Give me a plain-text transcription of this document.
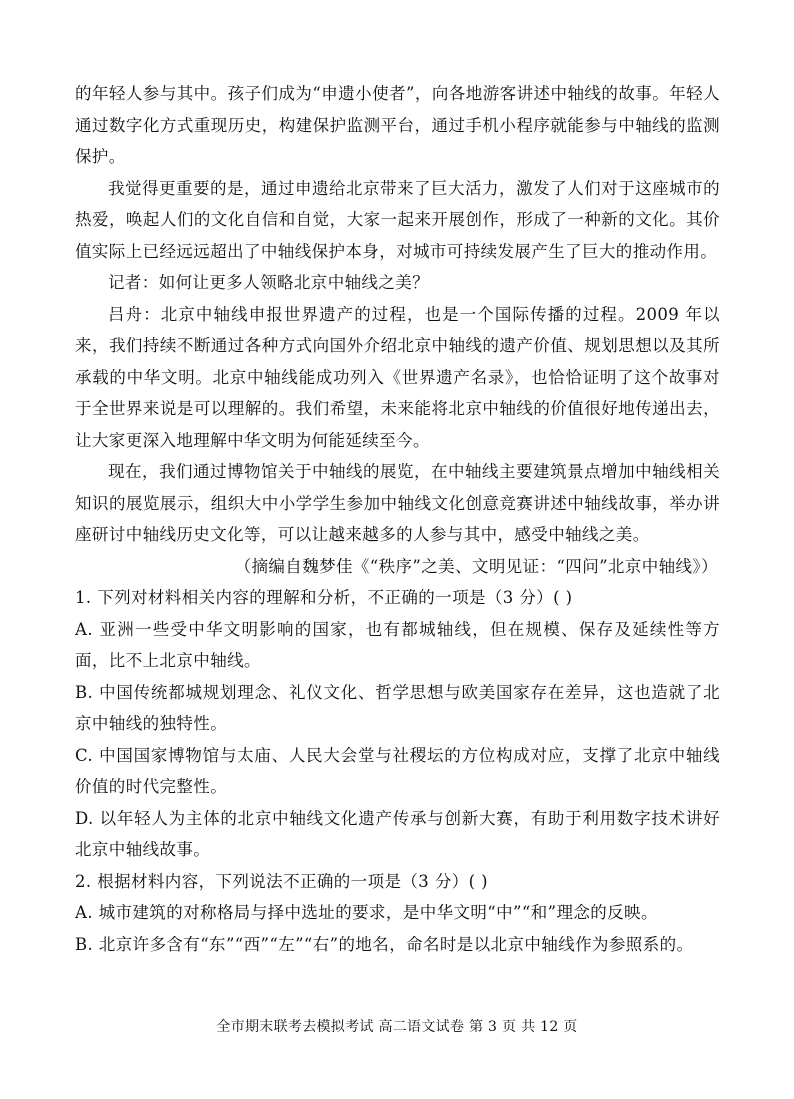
的年轻人参与其中。孩子们成为“申遗小使者”，向各地游客讲述中轴线的故事。年轻人通过数字化方式重现历史，构建保护监测平台，通过手机小程序就能参与中轴线的监测保护。

我觉得更重要的是，通过申遗给北京带来了巨大活力，激发了人们对于这座城市的热爱，唤起人们的文化自信和自觉，大家一起来开展创作，形成了一种新的文化。其价值实际上已经远远超出了中轴线保护本身，对城市可持续发展产生了巨大的推动作用。

记者：如何让更多人领略北京中轴线之美？

吕舟：北京中轴线申报世界遗产的过程，也是一个国际传播的过程。2009 年以来，我们持续不断通过各种方式向国外介绍北京中轴线的遗产价值、规划思想以及其所承载的中华文明。北京中轴线能成功列入《世界遗产名录》，也恰恰证明了这个故事对于全世界来说是可以理解的。我们希望，未来能将北京中轴线的价值很好地传递出去，让大家更深入地理解中华文明为何能延续至今。

现在，我们通过博物馆关于中轴线的展览，在中轴线主要建筑景点增加中轴线相关知识的展览展示，组织大中小学学生参加中轴线文化创意竞赛讲述中轴线故事，举办讲座研讨中轴线历史文化等，可以让越来越多的人参与其中，感受中轴线之美。

（摘编自魏梦佳《“秩序”之美、文明见证：“四问”北京中轴线》）

1. 下列对材料相关内容的理解和分析，不正确的一项是（3 分）( )

A. 亚洲一些受中华文明影响的国家，也有都城轴线，但在规模、保存及延续性等方面，比不上北京中轴线。

B. 中国传统都城规划理念、礼仪文化、哲学思想与欧美国家存在差异，这也造就了北京中轴线的独特性。

C. 中国国家博物馆与太庙、人民大会堂与社稷坛的方位构成对应，支撑了北京中轴线价值的时代完整性。

D. 以年轻人为主体的北京中轴线文化遗产传承与创新大赛，有助于利用数字技术讲好北京中轴线故事。

2. 根据材料内容，下列说法不正确的一项是（3 分）( )

A. 城市建筑的对称格局与择中选址的要求，是中华文明“中”“和”理念的反映。

B. 北京许多含有“东”“西”“左”“右”的地名，命名时是以北京中轴线作为参照系的。

全市期末联考去模拟考试 高二语文试卷 第 3 页 共 12 页
